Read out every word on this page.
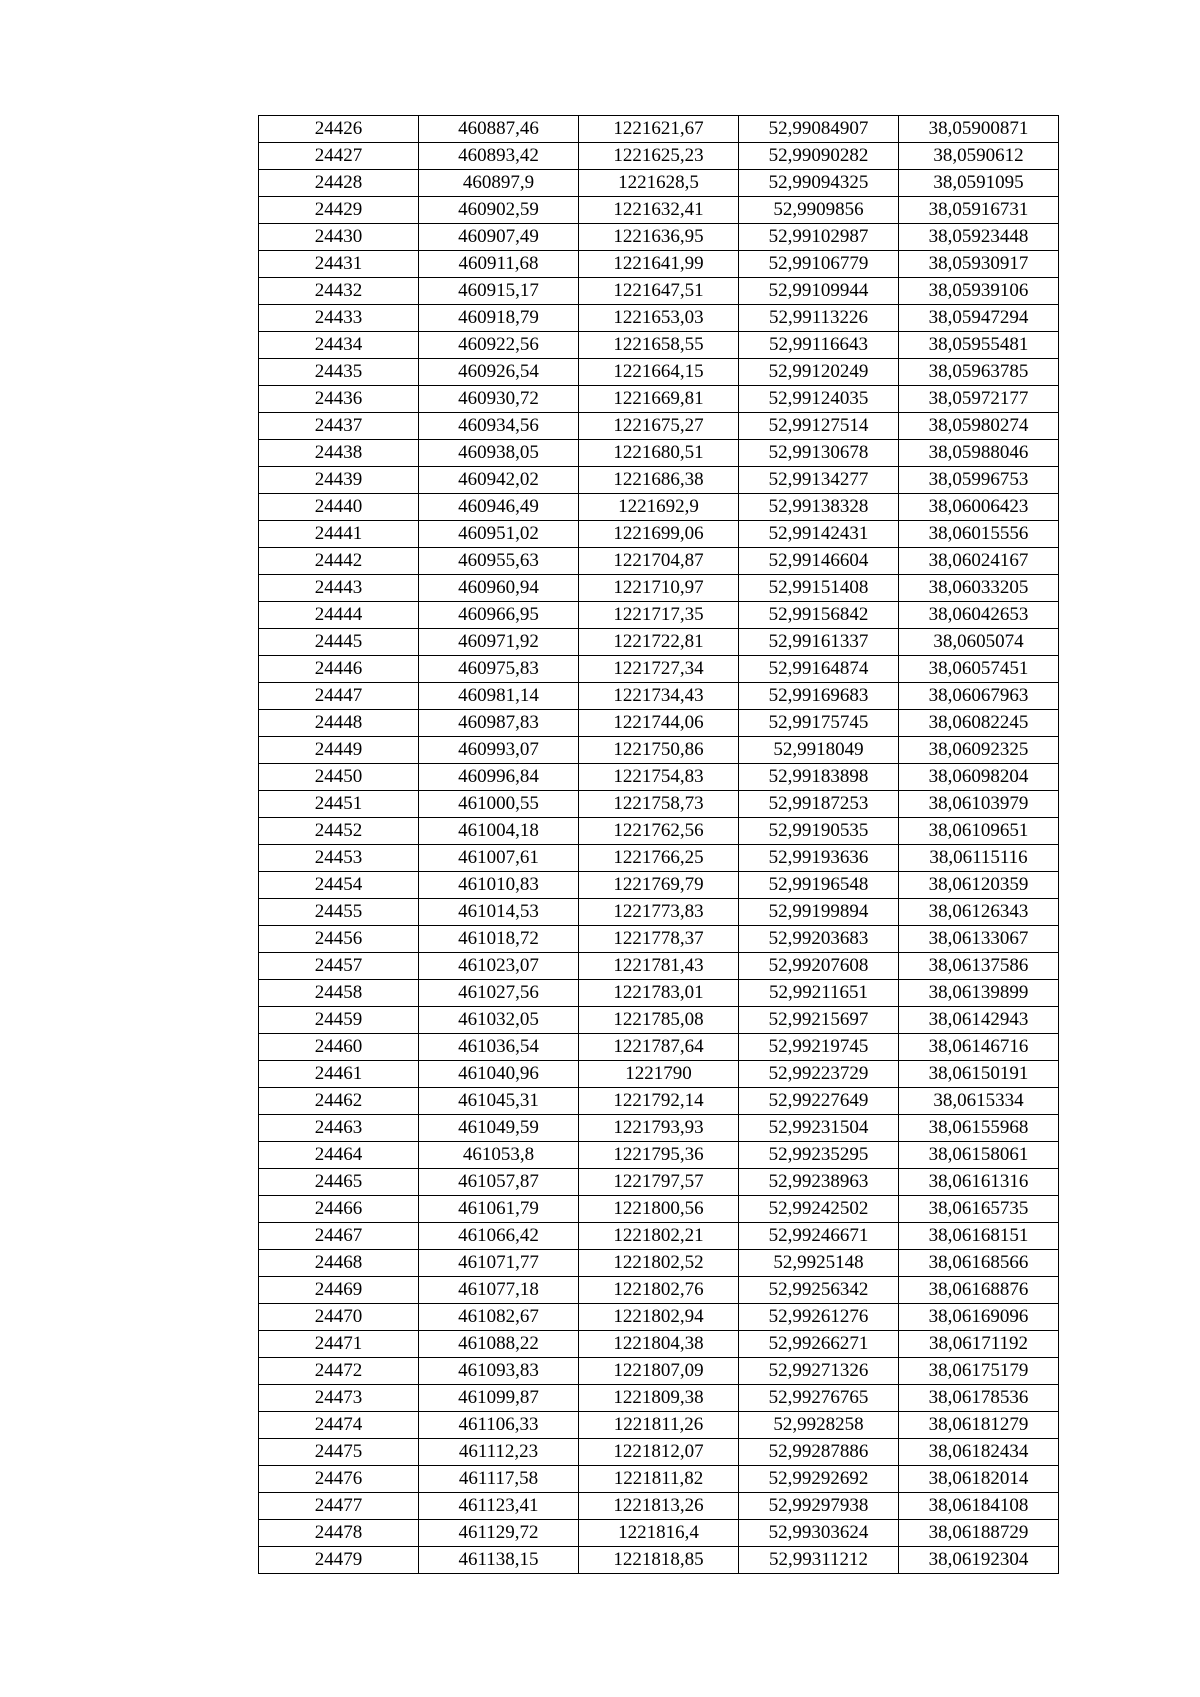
24426	460887,46	1221621,67	52,99084907	38,05900871
24427	460893,42	1221625,23	52,99090282	38,0590612
24428	460897,9	1221628,5	52,99094325	38,0591095
24429	460902,59	1221632,41	52,9909856	38,05916731
24430	460907,49	1221636,95	52,99102987	38,05923448
24431	460911,68	1221641,99	52,99106779	38,05930917
24432	460915,17	1221647,51	52,99109944	38,05939106
24433	460918,79	1221653,03	52,99113226	38,05947294
24434	460922,56	1221658,55	52,99116643	38,05955481
24435	460926,54	1221664,15	52,99120249	38,05963785
24436	460930,72	1221669,81	52,99124035	38,05972177
24437	460934,56	1221675,27	52,99127514	38,05980274
24438	460938,05	1221680,51	52,99130678	38,05988046
24439	460942,02	1221686,38	52,99134277	38,05996753
24440	460946,49	1221692,9	52,99138328	38,06006423
24441	460951,02	1221699,06	52,99142431	38,06015556
24442	460955,63	1221704,87	52,99146604	38,06024167
24443	460960,94	1221710,97	52,99151408	38,06033205
24444	460966,95	1221717,35	52,99156842	38,06042653
24445	460971,92	1221722,81	52,99161337	38,0605074
24446	460975,83	1221727,34	52,99164874	38,06057451
24447	460981,14	1221734,43	52,99169683	38,06067963
24448	460987,83	1221744,06	52,99175745	38,06082245
24449	460993,07	1221750,86	52,9918049	38,06092325
24450	460996,84	1221754,83	52,99183898	38,06098204
24451	461000,55	1221758,73	52,99187253	38,06103979
24452	461004,18	1221762,56	52,99190535	38,06109651
24453	461007,61	1221766,25	52,99193636	38,06115116
24454	461010,83	1221769,79	52,99196548	38,06120359
24455	461014,53	1221773,83	52,99199894	38,06126343
24456	461018,72	1221778,37	52,99203683	38,06133067
24457	461023,07	1221781,43	52,99207608	38,06137586
24458	461027,56	1221783,01	52,99211651	38,06139899
24459	461032,05	1221785,08	52,99215697	38,06142943
24460	461036,54	1221787,64	52,99219745	38,06146716
24461	461040,96	1221790	52,99223729	38,06150191
24462	461045,31	1221792,14	52,99227649	38,0615334
24463	461049,59	1221793,93	52,99231504	38,06155968
24464	461053,8	1221795,36	52,99235295	38,06158061
24465	461057,87	1221797,57	52,99238963	38,06161316
24466	461061,79	1221800,56	52,99242502	38,06165735
24467	461066,42	1221802,21	52,99246671	38,06168151
24468	461071,77	1221802,52	52,9925148	38,06168566
24469	461077,18	1221802,76	52,99256342	38,06168876
24470	461082,67	1221802,94	52,99261276	38,06169096
24471	461088,22	1221804,38	52,99266271	38,06171192
24472	461093,83	1221807,09	52,99271326	38,06175179
24473	461099,87	1221809,38	52,99276765	38,06178536
24474	461106,33	1221811,26	52,9928258	38,06181279
24475	461112,23	1221812,07	52,99287886	38,06182434
24476	461117,58	1221811,82	52,99292692	38,06182014
24477	461123,41	1221813,26	52,99297938	38,06184108
24478	461129,72	1221816,4	52,99303624	38,06188729
24479	461138,15	1221818,85	52,99311212	38,06192304
